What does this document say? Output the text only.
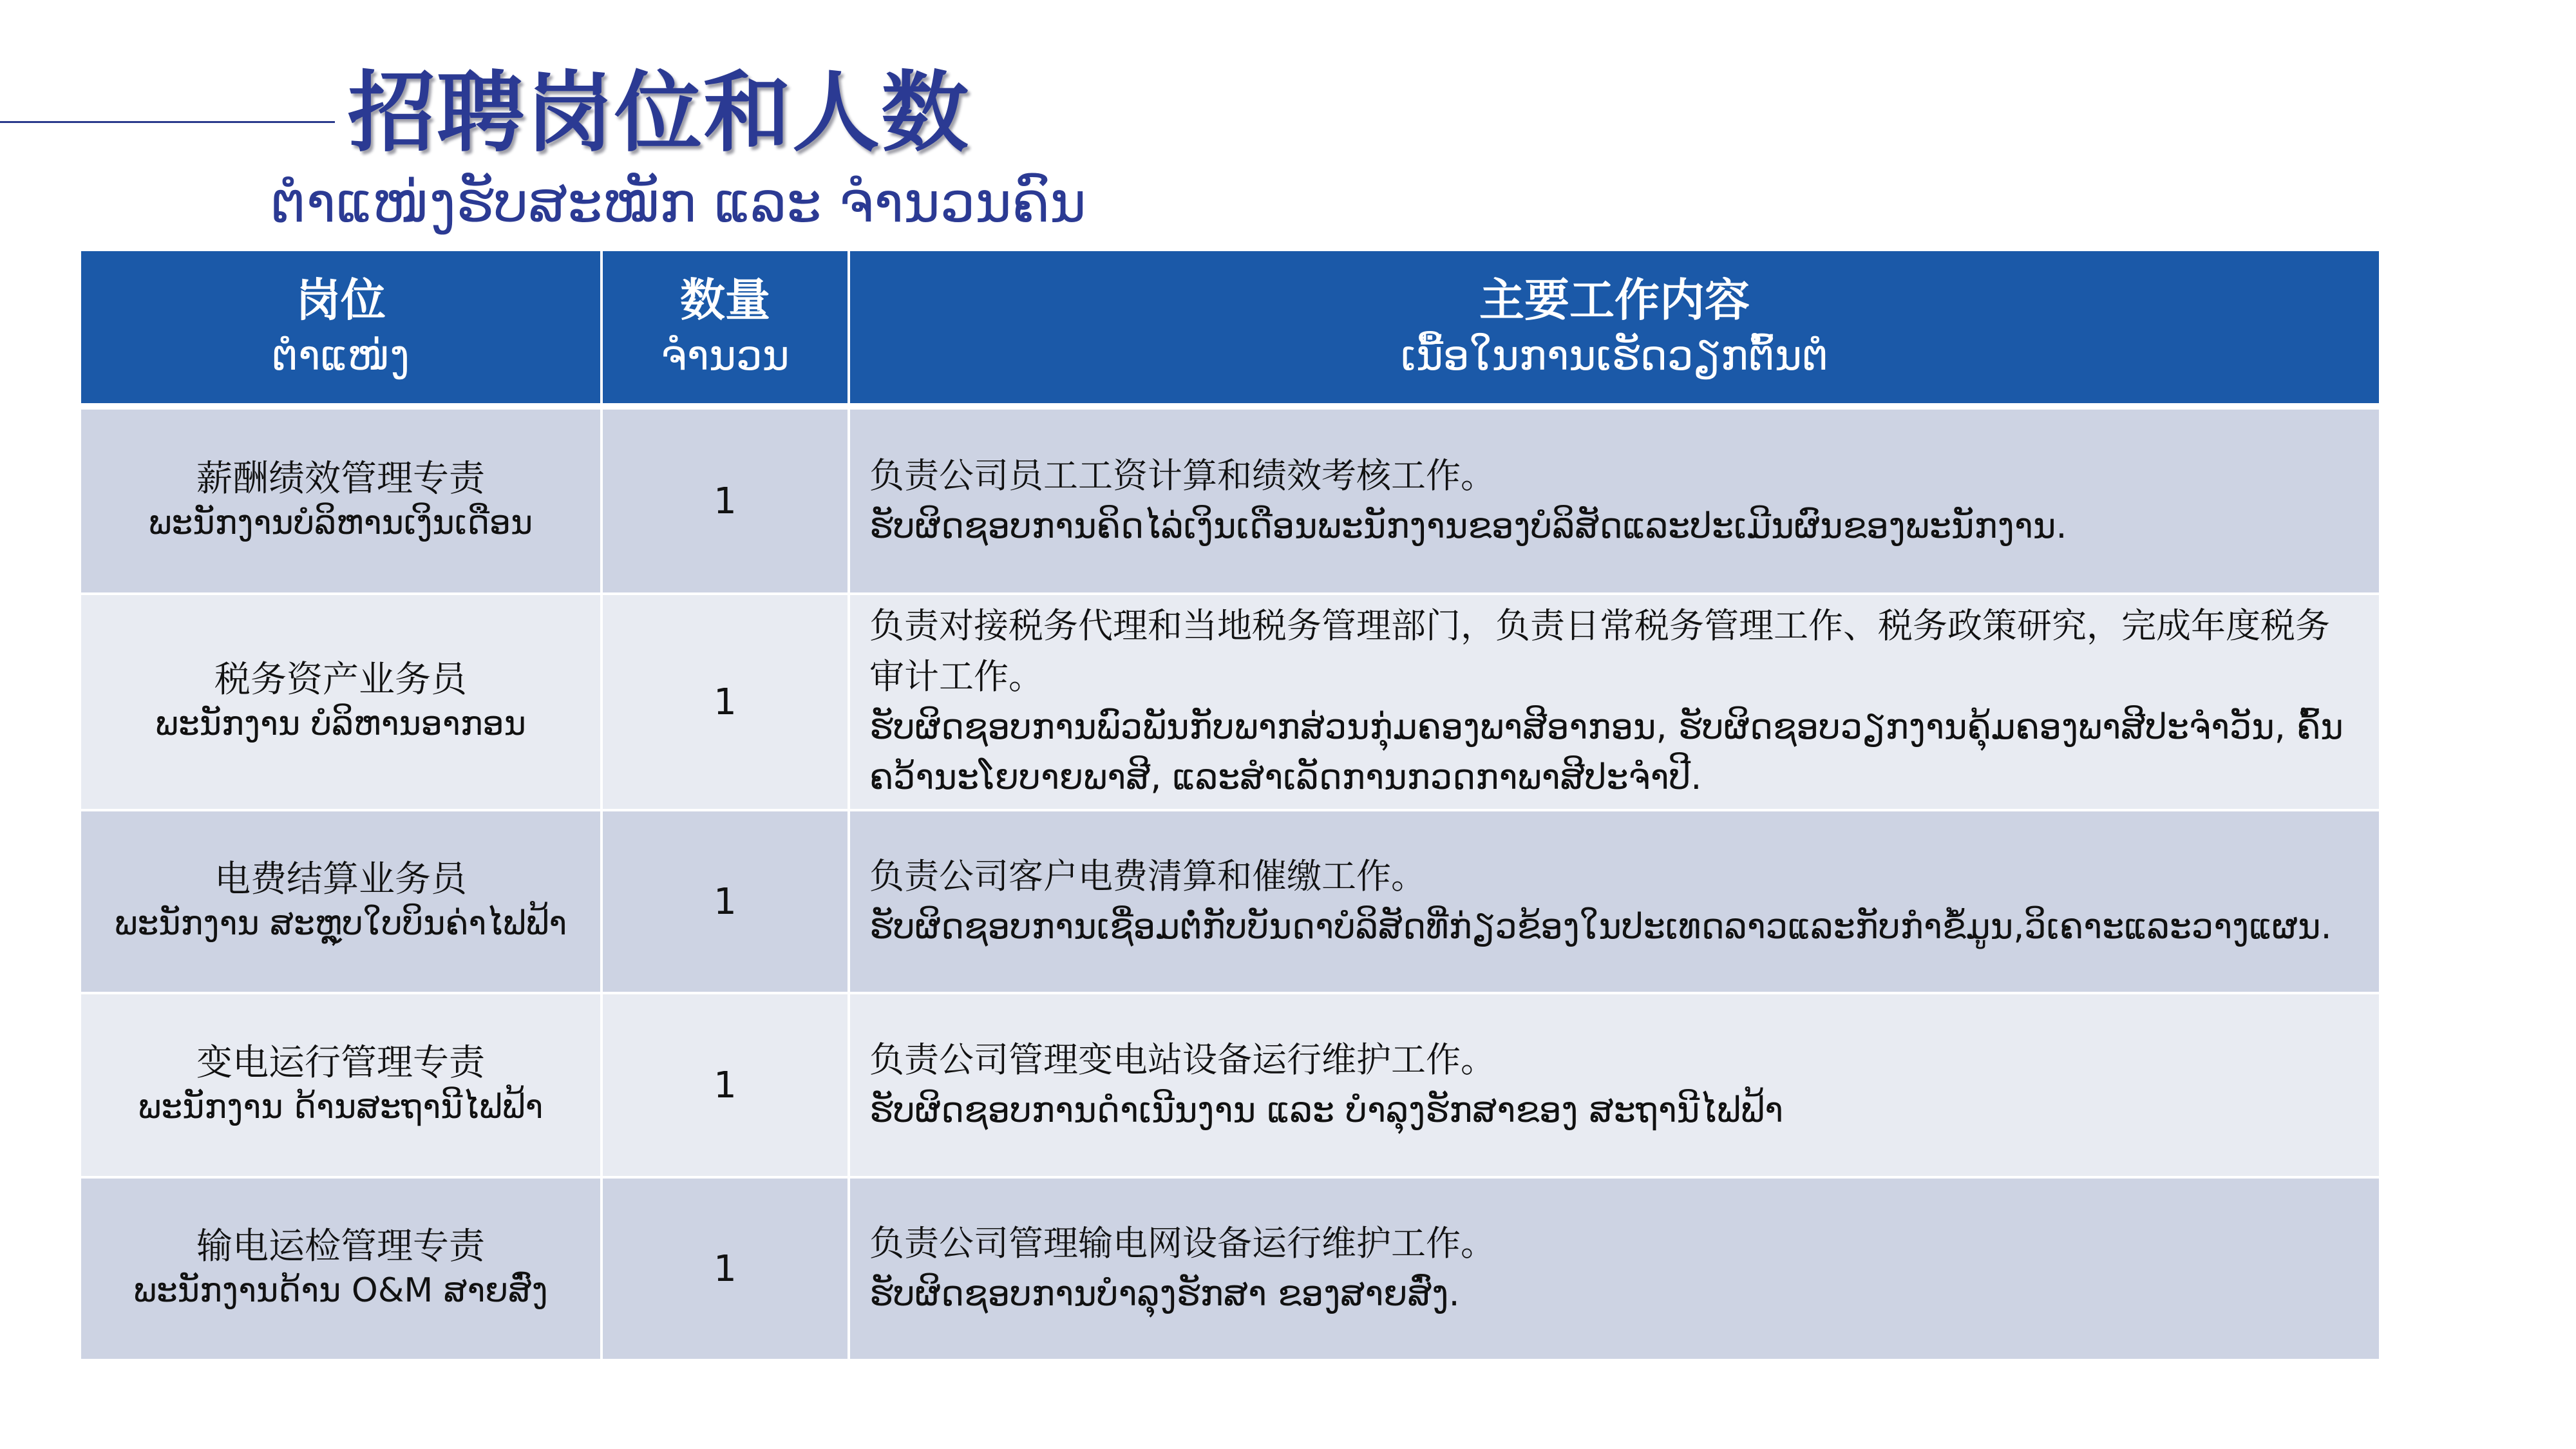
招聘岗位和人数
ຕຳແໜ່ງຮັບສະໝັກ ແລະ ຈຳນວນຄົນ
岗位
ຕຳແໜ່ງ
数量
ຈຳນວນ
主要工作内容
ເນື້ອໃນການເຮັດວຽກຕົ້ນຕໍ
薪酬绩效管理专责
ພະນັກງານບໍລິຫານເງິນເດືອນ
1
负责公司员工工资计算和绩效考核工作。
ຮັບຜິດຊອບການຄິດໄລ່ເງິນເດືອນພະນັກງານຂອງບໍລິສັດແລະປະເມີນຜົນຂອງພະນັກງານ.
税务资产业务员
ພະນັກງານ ບໍລິຫານອາກອນ
1
负责对接税务代理和当地税务管理部门，负责日常税务管理工作、税务政策研究，完成年度税务审计工作。
ຮັບຜິດຊອບການພົວພັນກັບພາກສ່ວນກຸ່ມຄອງພາສີອາກອນ, ຮັບຜິດຊອບວຽກງານຄຸ້ມຄອງພາສີປະຈຳວັນ, ຄົ້ນຄວ້ານະໂຍບາຍພາສີ, ແລະສຳເລັດການກວດກາພາສີປະຈຳປີ.
电费结算业务员
ພະນັກງານ ສະຫຼຸບໃບບິນຄ່າໄຟຟ້າ
1
负责公司客户电费清算和催缴工作。
ຮັບຜິດຊອບການເຊື່ອມຕໍ່ກັບບັນດາບໍລິສັດທີ່ກ່ຽວຂ້ອງໃນປະເທດລາວແລະກັບກຳຂໍ້ມູນ,ວິເຄາະແລະວາງແຜນ.
变电运行管理专责
ພະນັກງານ ດ້ານສະຖານີໄຟຟ້າ
1
负责公司管理变电站设备运行维护工作。
ຮັບຜິດຊອບການດຳເນີນງານ ແລະ ບຳລຸງຮັກສາຂອງ ສະຖານີໄຟຟ້າ
输电运检管理专责
ພະນັກງານດ້ານ O&M ສາຍສົ່ງ
1
负责公司管理输电网设备运行维护工作。
ຮັບຜິດຊອບການບຳລຸງຮັກສາ ຂອງສາຍສົ່ງ.
